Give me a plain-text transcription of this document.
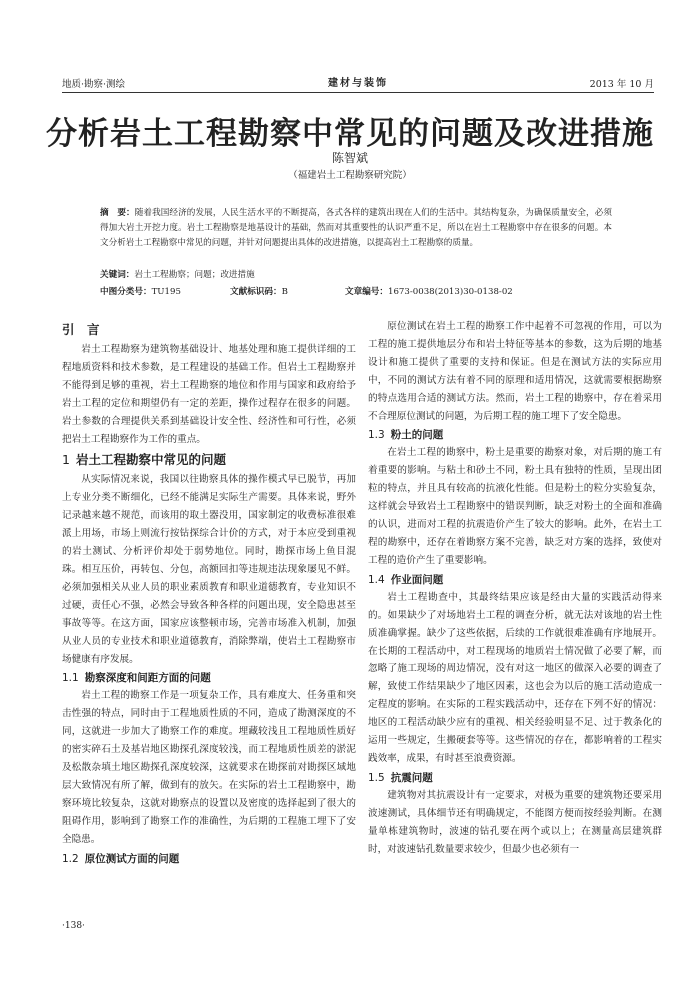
地质·勘察·测绘	建材与装饰	2013 年 10 月
分析岩土工程勘察中常见的问题及改进措施
陈智斌
（福建岩土工程勘察研究院）
摘　要：随着我国经济的发展，人民生活水平的不断提高，各式各样的建筑出现在人们的生活中。其结构复杂，为确保质量安全，必须得加大岩土开挖力度。岩土工程勘察是地基设计的基础，然而对其重要性的认识严重不足，所以在岩土工程勘察中存在很多的问题。本文分析岩土工程勘察中常见的问题，并针对问题提出具体的改进措施，以提高岩土工程勘察的质量。
关键词：岩土工程勘察；问题；改进措施
中图分类号：TU195	文献标识码：B	文章编号：1673-0038(2013)30-0138-02
引　言

岩土工程勘察为建筑物基础设计、地基处理和施工提供详细的工程地质资料和技术参数，是工程建设的基础工作。但岩土工程勘察并不能得到足够的重视，岩土工程勘察的地位和作用与国家和政府给予岩土工程的定位和期望仍有一定的差距，操作过程存在很多的问题。岩土参数的合理提供关系到基础设计安全性、经济性和可行性，必须把岩土工程勘察作为工作的重点。

1 岩土工程勘察中常见的问题

从实际情况来说，我国以往勘察具体的操作模式早已脱节，再加上专业分类不断细化，已经不能满足实际生产需要。具体来说，野外记录越来越不规范，而该用的取土器没用，国家制定的收费标准很难派上用场，市场上则流行按钻探综合计价的方式，对于本应受到重视的岩土测试、分析评价却处于弱势地位。同时，勘探市场上鱼目混珠。相互压价，再转包、分包，高额回扣等违规违法现象屡见不鲜。必须加强相关从业人员的职业素质教育和职业道德教育，专业知识不过硬，责任心不强，必然会导致各种各样的问题出现，安全隐患甚至事故等等。在这方面，国家应该整顿市场，完善市场准入机制，加强从业人员的专业技术和职业道德教育，消除弊端，使岩土工程勘察市场健康有序发展。

1.1 勘察深度和间距方面的问题

岩土工程的勘察工作是一项复杂工作，具有难度大、任务重和突击性强的特点，同时由于工程地质性质的不同，造成了勘测深度的不同，这就进一步加大了勘察工作的难度。埋藏较浅且工程地质性质好的密实碎石土及基岩地区勘探孔深度较浅，而工程地质性质差的淤泥及松散杂填土地区勘探孔深度较深，这就要求在勘探前对勘探区域地层大致情况有所了解，做到有的放矢。在实际的岩土工程勘察中，勘察环境比较复杂，这就对勘察点的设置以及密度的选择起到了很大的阻碍作用，影响到了勘察工作的准确性，为后期的工程施工埋下了安全隐患。

1.2 原位测试方面的问题

原位测试在岩土工程的勘察工作中起着不可忽视的作用，可以为工程的施工提供地层分布和岩土特征等基本的参数，这为后期的地基设计和施工提供了重要的支持和保证。但是在测试方法的实际应用中，不同的测试方法有着不同的原理和适用情况，这就需要根据勘察的特点选用合适的测试方法。然而，岩土工程的勘察中，存在着采用不合理原位测试的问题，为后期工程的施工埋下了安全隐患。

1.3 粉土的问题

在岩土工程的勘察中，粉土是重要的勘察对象，对后期的施工有着重要的影响。与粘土和砂土不同，粉土具有独特的性质，呈现出团粒的特点，并且具有较高的抗液化性能。但是粉土的粒分实验复杂，这样就会导致岩土工程勘察中的错误判断，缺乏对粉土的全面和准确的认识，进而对工程的抗震造价产生了较大的影响。此外，在岩土工程的勘察中，还存在着勘察方案不完善，缺乏对方案的选择，致使对工程的造价产生了重要影响。

1.4 作业面问题

岩土工程勘查中，其最终结果应该是经由大量的实践活动得来的。如果缺少了对场地岩土工程的调查分析，就无法对该地的岩土性质准确掌握。缺少了这些依据，后续的工作就很难准确有序地展开。在长期的工程活动中，对工程现场的地质岩土情况做了必要了解，而忽略了施工现场的周边情况，没有对这一地区的做深入必要的调查了解，致使工作结果缺少了地区因素，这也会为以后的施工活动造成一定程度的影响。在实际的工程实践活动中，还存在下列不好的情况：地区的工程活动缺少应有的重视、相关经验明显不足、过于教条化的运用一些规定，生搬硬套等等。这些情况的存在，都影响着的工程实践效率，成果，有时甚至浪费资源。

1.5 抗震问题

建筑物对其抗震设计有一定要求，对极为重要的建筑物还要采用波速测试，具体细节还有明确规定，不能图方便而按经验判断。在测量单栋建筑物时，波速的钻孔要在两个或以上；在测量高层建筑群时，对波速钻孔数量要求较少，但最少也必须有一

·138·
